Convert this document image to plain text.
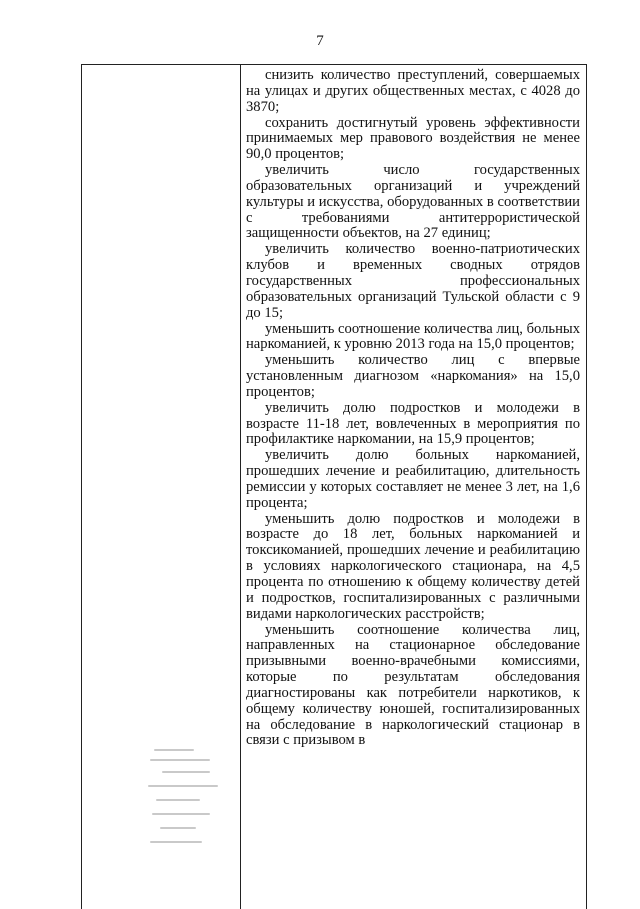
7

снизить количество преступлений, совершаемых на улицах и других общественных местах, с 4028 до 3870;

сохранить достигнутый уровень эффективности принимаемых мер правового воздействия не менее 90,0 процентов;

увеличить число государственных образовательных организаций и учреждений культуры и искусства, оборудованных в соответствии с требованиями антитеррористической защищенности объектов, на 27 единиц;

увеличить количество военно-патриотических клубов и временных сводных отрядов государственных профессиональных образовательных организаций Тульской области с 9 до 15;

уменьшить соотношение количества лиц, больных наркоманией, к уровню 2013 года на 15,0 процентов;

уменьшить количество лиц с впервые установленным диагнозом «наркомания» на 15,0 процентов;

увеличить долю подростков и молодежи в возрасте 11-18 лет, вовлеченных в мероприятия по профилактике наркомании, на 15,9 процентов;

увеличить долю больных наркоманией, прошедших лечение и реабилитацию, длительность ремиссии у которых составляет не менее 3 лет, на 1,6 процента;

уменьшить долю подростков и молодежи в возрасте до 18 лет, больных наркоманией и токсикоманией, прошедших лечение и реабилитацию в условиях наркологического стационара, на 4,5 процента по отношению к общему количеству детей и подростков, госпитализированных с различными видами наркологических расстройств;

уменьшить соотношение количества лиц, направленных на стационарное обследование призывными военно-врачебными комиссиями, которые по результатам обследования диагностированы как потребители наркотиков, к общему количеству юношей, госпитализированных на обследование в наркологический стационар в связи с призывом в
